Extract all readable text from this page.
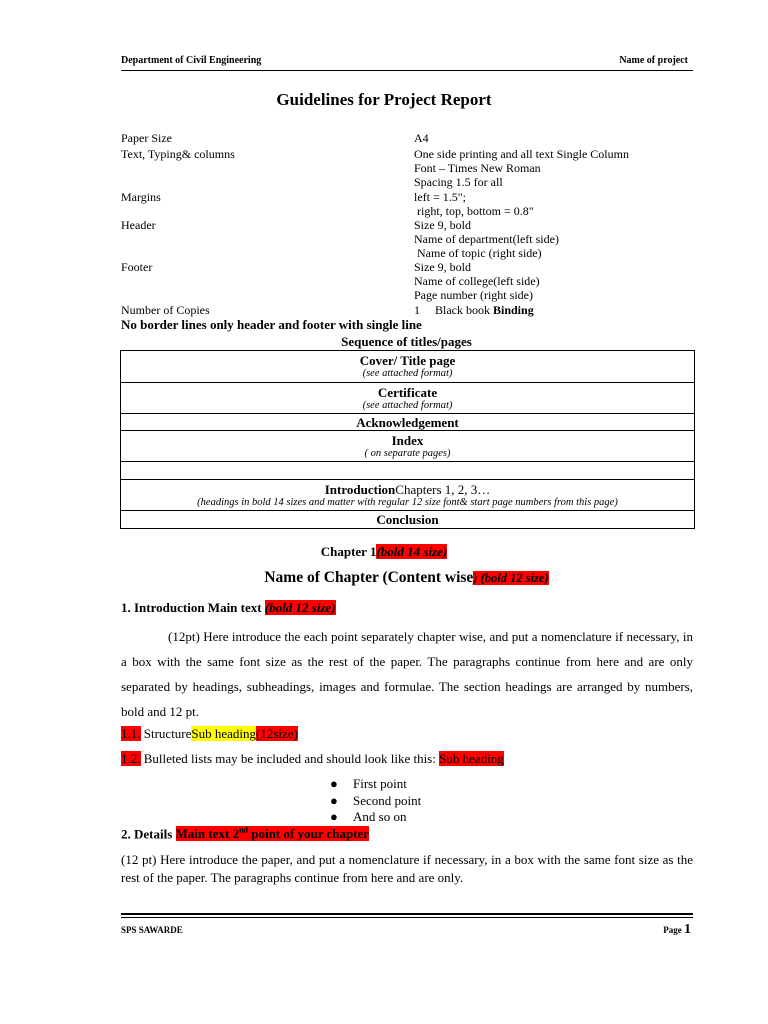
Department of Civil Engineering	Name of project
Guidelines for Project Report
Paper Size	A4
Text, Typing& columns	One side printing and all text Single Column
Font – Times New Roman
Spacing 1.5 for all
Margins	left = 1.5";
right, top, bottom = 0.8"
Header	Size 9, bold
Name of department(left side)
Name of topic (right side)
Footer	Size 9, bold
Name of college(left side)
Page number (right side)
Number of Copies	1     Black book Binding
No border lines only header and footer with single line
Sequence of titles/pages
Cover/ Title page
(see attached format)

Certificate
(see attached format)

Acknowledgement

Index
( on separate pages)

IntroductionChapters 1, 2, 3…
(headings in bold 14 sizes and matter with regular 12 size font& start page numbers from this page)

Conclusion
Chapter 1(bold 14 size)
Name of Chapter (Content wise) (bold 12 size)
1. Introduction Main text (bold 12 size)
(12pt) Here introduce the each point separately chapter wise, and put a nomenclature if necessary, in a box with the same font size as the rest of the paper. The paragraphs continue from here and are only separated by headings, subheadings, images and formulae. The section headings are arranged by numbers, bold and 12 pt.
1.1. StructureSub heading(12size)
1.2. Bulleted lists may be included and should look like this: Sub heading
● First point
● Second point
● And so on
2. Details Main text 2nd point of your chapter
(12 pt) Here introduce the paper, and put a nomenclature if necessary, in a box with the same font size as the rest of the paper. The paragraphs continue from here and are only.
SPS SAWARDE	Page 1
